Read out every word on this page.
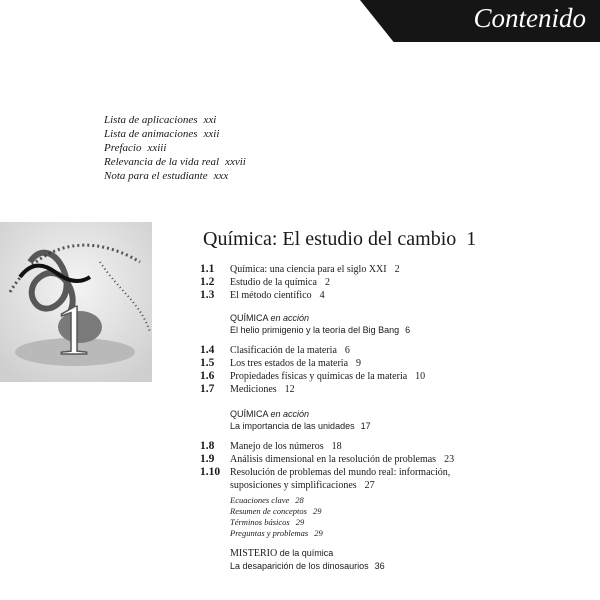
Contenido
Lista de aplicaciones xxi
Lista de animaciones xxii
Prefacio xxiii
Relevancia de la vida real xxvii
Nota para el estudiante xxx
1
Química: El estudio del cambio 1
1.1	Química: una ciencia para el siglo XXI 2
1.2	Estudio de la química 2
1.3	El método científico 4
QUÍMICA en acción
El helio primigenio y la teoría del Big Bang 6
1.4	Clasificación de la materia 6
1.5	Los tres estados de la materia 9
1.6	Propiedades físicas y químicas de la materia 10
1.7	Mediciones 12
QUÍMICA en acción
La importancia de las unidades 17
1.8	Manejo de los números 18
1.9	Análisis dimensional en la resolución de problemas 23
1.10 Resolución de problemas del mundo real: información,
suposiciones y simplificaciones 27
Ecuaciones clave 28
Resumen de conceptos 29
Términos básicos 29
Preguntas y problemas 29
MISTERIO de la química
La desaparición de los dinosaurios 36
